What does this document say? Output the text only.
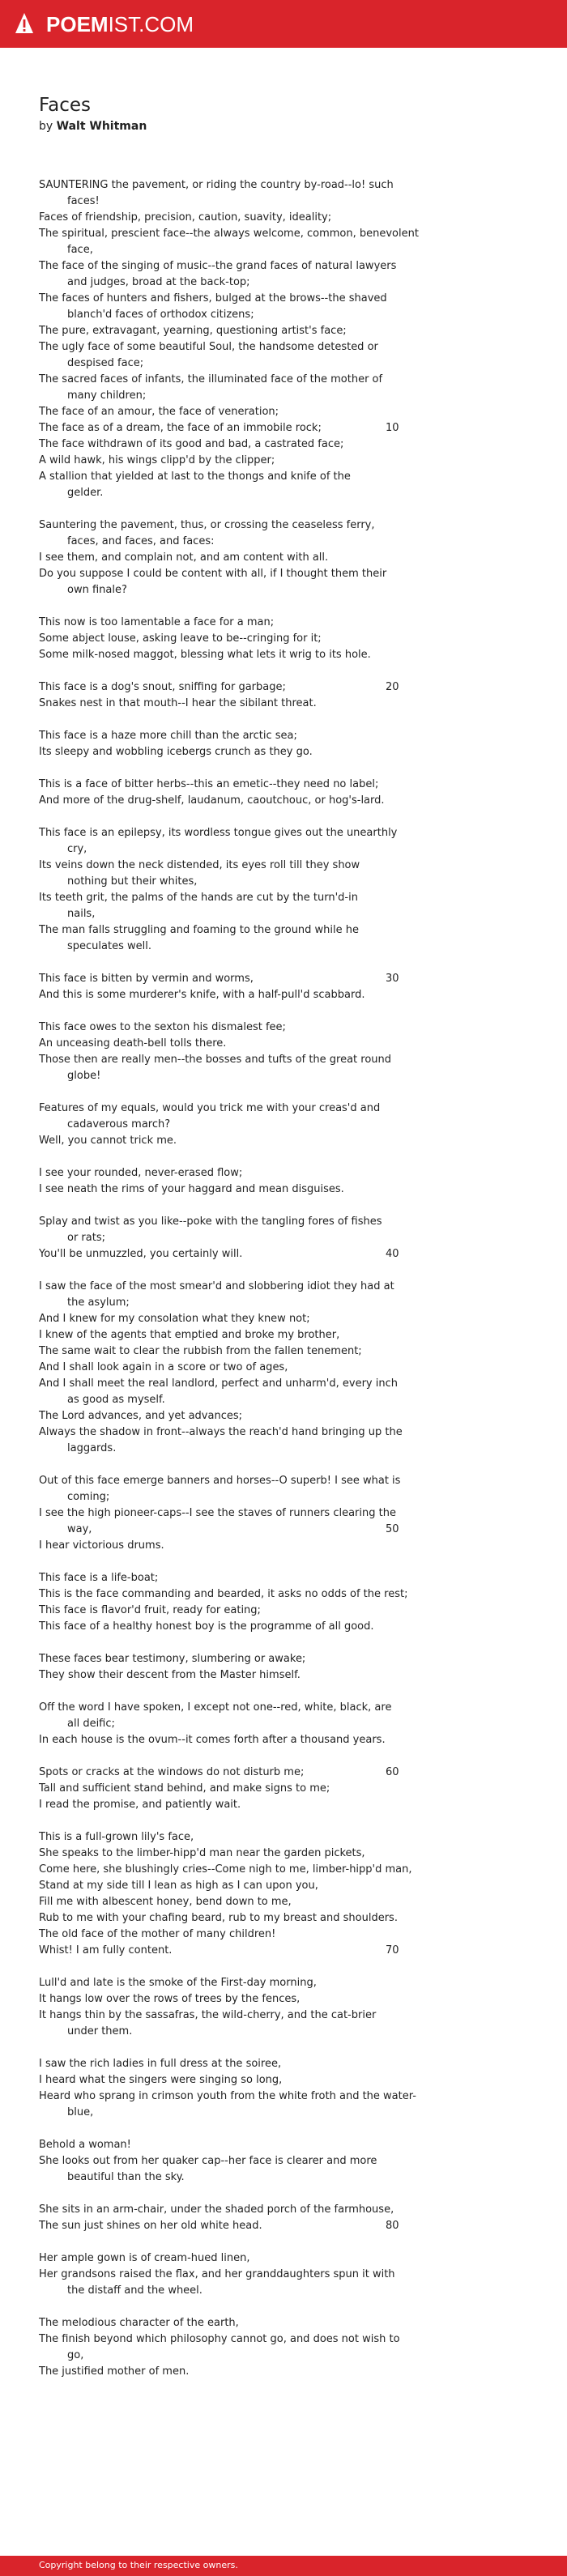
POEMIST.COM
Faces
by Walt Whitman
SAUNTERING the pavement, or riding the country by-road--lo! such
faces!
Faces of friendship, precision, caution, suavity, ideality;
The spiritual, prescient face--the always welcome, common, benevolent
face,
The face of the singing of music--the grand faces of natural lawyers
and judges, broad at the back-top;
The faces of hunters and fishers, bulged at the brows--the shaved
blanch'd faces of orthodox citizens;
The pure, extravagant, yearning, questioning artist's face;
The ugly face of some beautiful Soul, the handsome detested or
despised face;
The sacred faces of infants, the illuminated face of the mother of
many children;
The face of an amour, the face of veneration;
The face as of a dream, the face of an immobile rock;	10
The face withdrawn of its good and bad, a castrated face;
A wild hawk, his wings clipp'd by the clipper;
A stallion that yielded at last to the thongs and knife of the
gelder.
Sauntering the pavement, thus, or crossing the ceaseless ferry,
faces, and faces, and faces:
I see them, and complain not, and am content with all.
Do you suppose I could be content with all, if I thought them their
own finale?
This now is too lamentable a face for a man;
Some abject louse, asking leave to be--cringing for it;
Some milk-nosed maggot, blessing what lets it wrig to its hole.
This face is a dog's snout, sniffing for garbage;	20
Snakes nest in that mouth--I hear the sibilant threat.
This face is a haze more chill than the arctic sea;
Its sleepy and wobbling icebergs crunch as they go.
This is a face of bitter herbs--this an emetic--they need no label;
And more of the drug-shelf, laudanum, caoutchouc, or hog's-lard.
This face is an epilepsy, its wordless tongue gives out the unearthly
cry,
Its veins down the neck distended, its eyes roll till they show
nothing but their whites,
Its teeth grit, the palms of the hands are cut by the turn'd-in
nails,
The man falls struggling and foaming to the ground while he
speculates well.
This face is bitten by vermin and worms,	30
And this is some murderer's knife, with a half-pull'd scabbard.
This face owes to the sexton his dismalest fee;
An unceasing death-bell tolls there.
Those then are really men--the bosses and tufts of the great round
globe!
Features of my equals, would you trick me with your creas'd and
cadaverous march?
Well, you cannot trick me.
I see your rounded, never-erased flow;
I see neath the rims of your haggard and mean disguises.
Splay and twist as you like--poke with the tangling fores of fishes
or rats;
You'll be unmuzzled, you certainly will.	40
I saw the face of the most smear'd and slobbering idiot they had at
the asylum;
And I knew for my consolation what they knew not;
I knew of the agents that emptied and broke my brother,
The same wait to clear the rubbish from the fallen tenement;
And I shall look again in a score or two of ages,
And I shall meet the real landlord, perfect and unharm'd, every inch
as good as myself.
The Lord advances, and yet advances;
Always the shadow in front--always the reach'd hand bringing up the
laggards.
Out of this face emerge banners and horses--O superb! I see what is
coming;
I see the high pioneer-caps--I see the staves of runners clearing the
way,	50
I hear victorious drums.
This face is a life-boat;
This is the face commanding and bearded, it asks no odds of the rest;
This face is flavor'd fruit, ready for eating;
This face of a healthy honest boy is the programme of all good.
These faces bear testimony, slumbering or awake;
They show their descent from the Master himself.
Off the word I have spoken, I except not one--red, white, black, are
all deific;
In each house is the ovum--it comes forth after a thousand years.
Spots or cracks at the windows do not disturb me;	60
Tall and sufficient stand behind, and make signs to me;
I read the promise, and patiently wait.
This is a full-grown lily's face,
She speaks to the limber-hipp'd man near the garden pickets,
Come here, she blushingly cries--Come nigh to me, limber-hipp'd man,
Stand at my side till I lean as high as I can upon you,
Fill me with albescent honey, bend down to me,
Rub to me with your chafing beard, rub to my breast and shoulders.
The old face of the mother of many children!
Whist! I am fully content.	70
Lull'd and late is the smoke of the First-day morning,
It hangs low over the rows of trees by the fences,
It hangs thin by the sassafras, the wild-cherry, and the cat-brier
under them.
I saw the rich ladies in full dress at the soiree,
I heard what the singers were singing so long,
Heard who sprang in crimson youth from the white froth and the water-
blue,
Behold a woman!
She looks out from her quaker cap--her face is clearer and more
beautiful than the sky.
She sits in an arm-chair, under the shaded porch of the farmhouse,
The sun just shines on her old white head.	80
Her ample gown is of cream-hued linen,
Her grandsons raised the flax, and her granddaughters spun it with
the distaff and the wheel.
The melodious character of the earth,
The finish beyond which philosophy cannot go, and does not wish to
go,
The justified mother of men.
Copyright belong to their respective owners.
